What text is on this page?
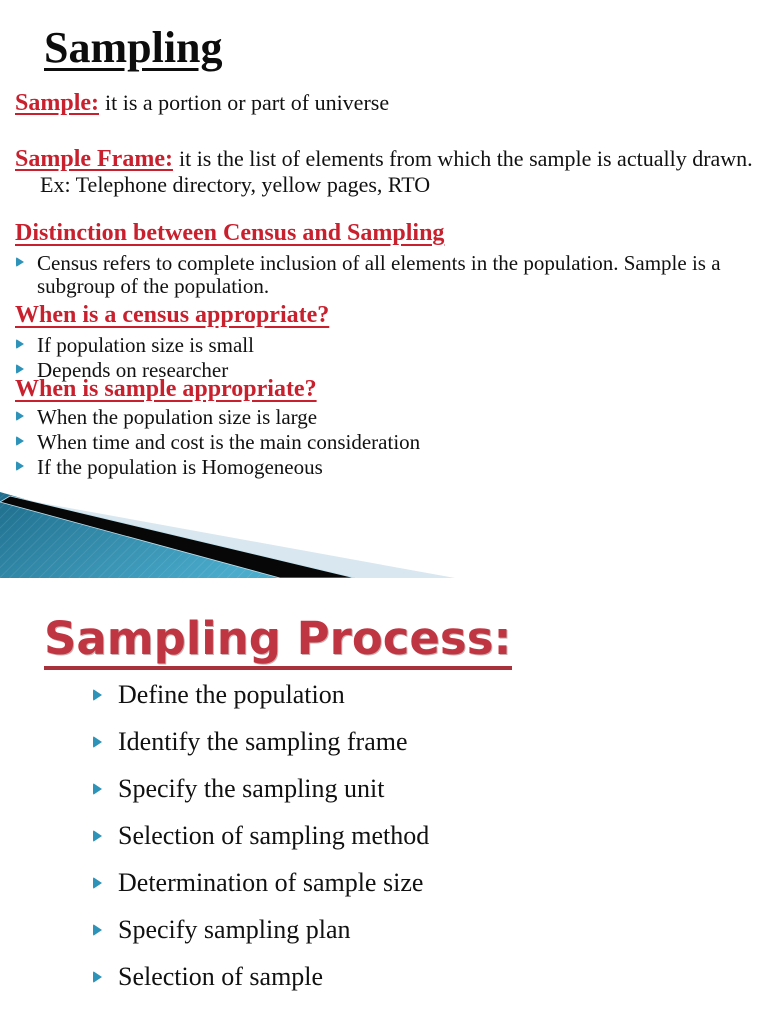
Sampling

Sample: it is a portion or part of universe

Sample Frame: it is the list of elements from which the sample is actually drawn. Ex: Telephone directory, yellow pages, RTO

Distinction between Census and Sampling
Census refers to complete inclusion of all elements in the population. Sample is a subgroup of the population.
When is a census appropriate?
If population size is small
Depends on researcher
When is sample appropriate?
When the population size is large
When time and cost is the main consideration
If the population is Homogeneous
Sampling Process:
Define the population
Identify the sampling frame
Specify the sampling unit
Selection of sampling method
Determination of sample size
Specify sampling plan
Selection of sample
